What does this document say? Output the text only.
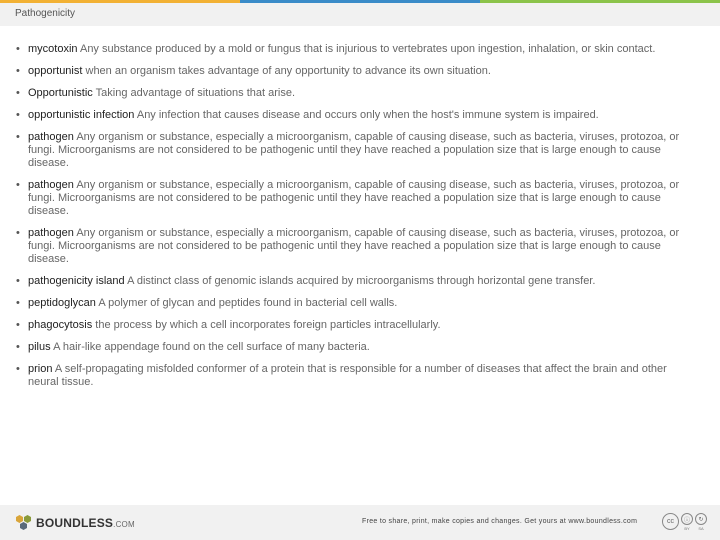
Pathogenicity
• mycotoxin Any substance produced by a mold or fungus that is injurious to vertebrates upon ingestion, inhalation, or skin contact.
• opportunist when an organism takes advantage of any opportunity to advance its own situation.
• Opportunistic Taking advantage of situations that arise.
• opportunistic infection Any infection that causes disease and occurs only when the host's immune system is impaired.
• pathogen Any organism or substance, especially a microorganism, capable of causing disease, such as bacteria, viruses, protozoa, or fungi. Microorganisms are not considered to be pathogenic until they have reached a population size that is large enough to cause disease.
• pathogen Any organism or substance, especially a microorganism, capable of causing disease, such as bacteria, viruses, protozoa, or fungi. Microorganisms are not considered to be pathogenic until they have reached a population size that is large enough to cause disease.
• pathogen Any organism or substance, especially a microorganism, capable of causing disease, such as bacteria, viruses, protozoa, or fungi. Microorganisms are not considered to be pathogenic until they have reached a population size that is large enough to cause disease.
• pathogenicity island A distinct class of genomic islands acquired by microorganisms through horizontal gene transfer.
• peptidoglycan A polymer of glycan and peptides found in bacterial cell walls.
• phagocytosis the process by which a cell incorporates foreign particles intracellularly.
• pilus A hair-like appendage found on the cell surface of many bacteria.
• prion A self-propagating misfolded conformer of a protein that is responsible for a number of diseases that affect the brain and other neural tissue.
BOUNDLESS.COM	Free to share, print, make copies and changes. Get yours at www.boundless.com	cc	ⓘ
BY
↻
SA
